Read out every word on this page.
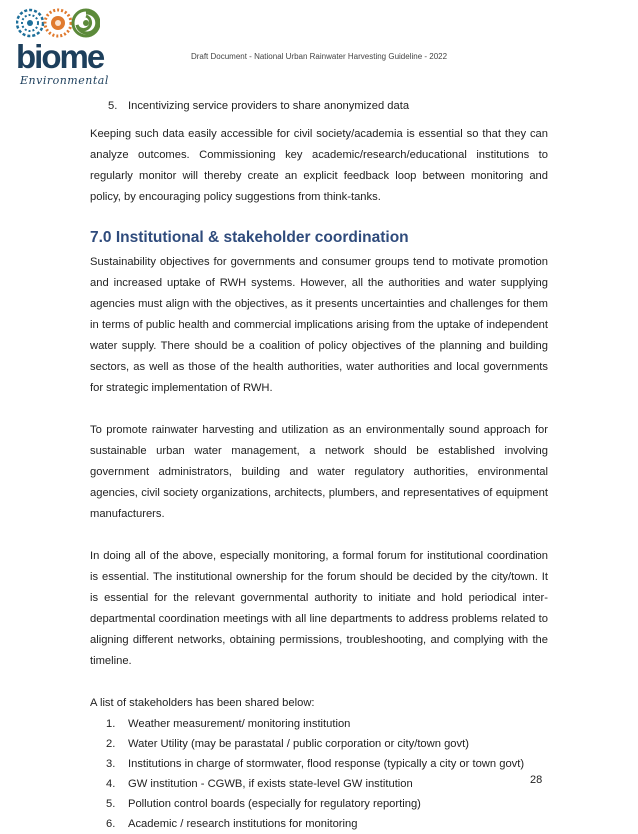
biome
Environmental
Draft Document - National Urban Rainwater Harvesting Guideline - 2022
5. Incentivizing service providers to share anonymized data

Keeping such data easily accessible for civil society/academia is essential so that they can analyze outcomes. Commissioning key academic/research/educational institutions to regularly monitor will thereby create an explicit feedback loop between monitoring and policy, by encouraging policy suggestions from think-tanks.

7.0 Institutional & stakeholder coordination

Sustainability objectives for governments and consumer groups tend to motivate promotion and increased uptake of RWH systems. However, all the authorities and water supplying agencies must align with the objectives, as it presents uncertainties and challenges for them in terms of public health and commercial implications arising from the uptake of independent water supply. There should be a coalition of policy objectives of the planning and building sectors, as well as those of the health authorities, water authorities and local governments for strategic implementation of RWH.

To promote rainwater harvesting and utilization as an environmentally sound approach for sustainable urban water management, a network should be established involving government administrators, building and water regulatory authorities, environmental agencies, civil society organizations, architects, plumbers, and representatives of equipment manufacturers.

In doing all of the above, especially monitoring, a formal forum for institutional coordination is essential. The institutional ownership for the forum should be decided by the city/town. It is essential for the relevant governmental authority to initiate and hold periodical inter-departmental coordination meetings with all line departments to address problems related to aligning different networks, obtaining permissions, troubleshooting, and complying with the timeline.

A list of stakeholders has been shared below:

1. Weather measurement/ monitoring institution
2. Water Utility (may be parastatal / public corporation or city/town govt)
3. Institutions in charge of stormwater, flood response (typically a city or town govt)
4. GW institution - CGWB, if exists state-level GW institution
5. Pollution control boards (especially for regulatory reporting)
6. Academic / research institutions for monitoring
28
